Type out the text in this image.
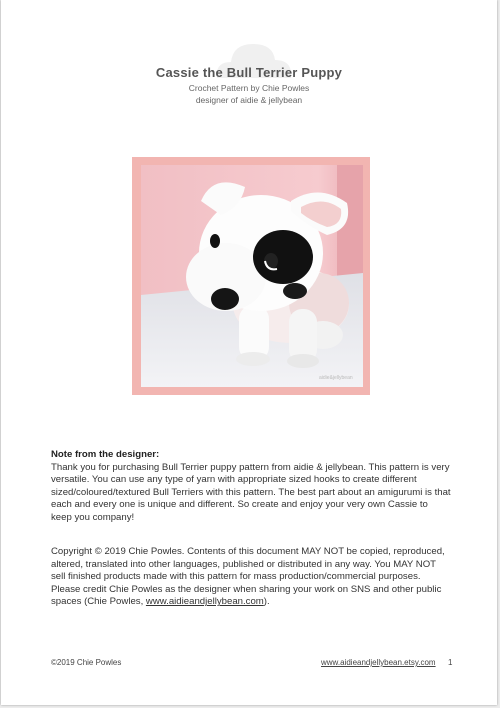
Cassie the Bull Terrier Puppy
Crochet Pattern by Chie Powles
designer of aidie & jellybean
aidie&jellybean
Note from the designer:

Thank you for purchasing Bull Terrier puppy pattern from aidie & jellybean. This pattern is very versatile. You can use any type of yarn with appropriate sized hooks to create different sized/coloured/textured Bull Terriers with this pattern. The best part about an amigurumi is that each and every one is unique and different. So create and enjoy your very own Cassie to keep you company!

Copyright © 2019 Chie Powles. Contents of this document MAY NOT be copied, reproduced, altered, translated into other languages, published or distributed in any way. You MAY NOT sell finished products made with this pattern for mass production/commercial purposes. Please credit Chie Powles as the designer when sharing your work on SNS and other public spaces (Chie Powles, www.aidieandjellybean.com).
©2019 Chie Powles	www.aidieandjellybean.etsy.com 1
